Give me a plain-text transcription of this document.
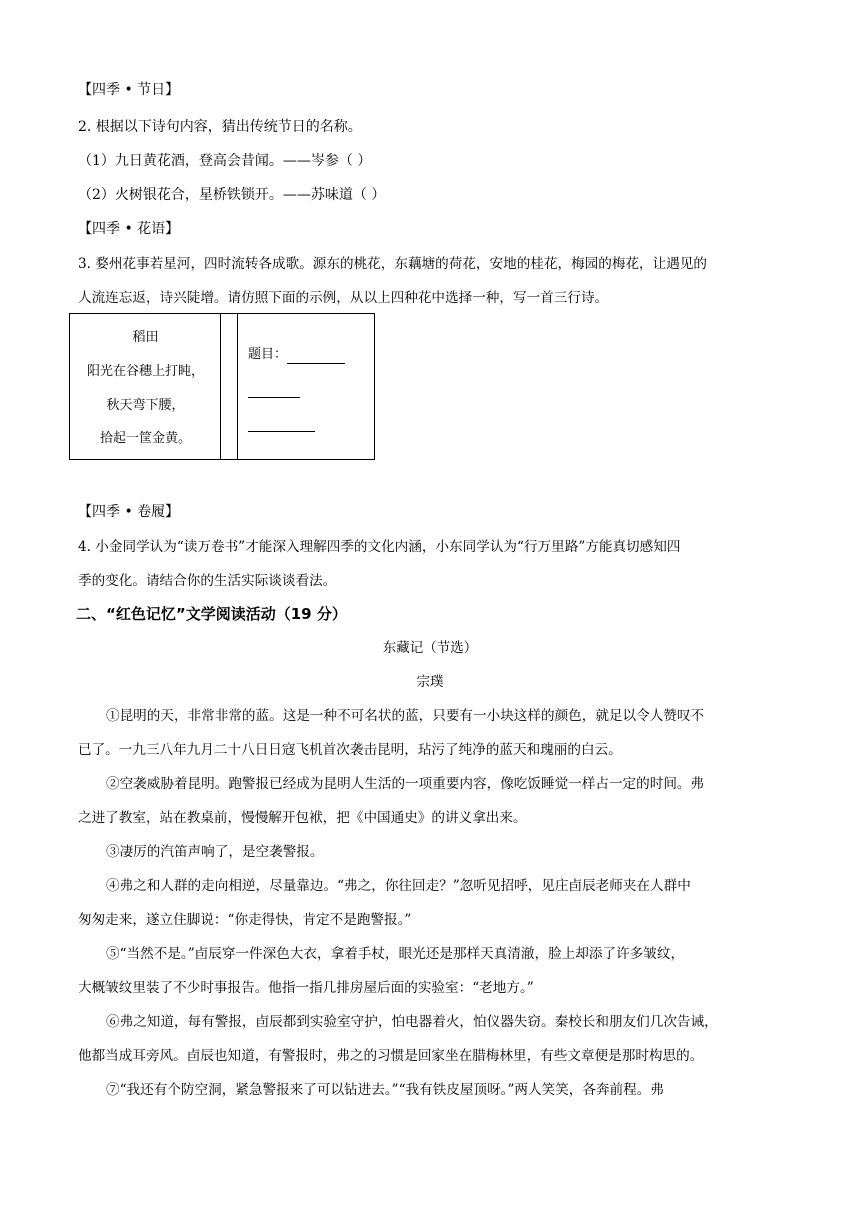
【四季 • 节日】
2. 根据以下诗句内容，猜出传统节日的名称。
（1）九日黄花酒，登高会昔闻。——岑参（ ）
（2）火树银花合，星桥铁锁开。——苏味道（ ）
【四季 • 花语】
3. 婺州花事若星河，四时流转各成歌。源东的桃花，东藕塘的荷花，安地的桂花，梅园的梅花，让遇见的
人流连忘返，诗兴陡增。请仿照下面的示例，从以上四种花中选择一种，写一首三行诗。
稻田
阳光在谷穗上打盹，
秋天弯下腰，
拾起一筐金黄。
题目：
【四季 • 卷履】
4. 小金同学认为“读万卷书”才能深入理解四季的文化内涵，小东同学认为“行万里路”方能真切感知四
季的变化。请结合你的生活实际谈谈看法。
二、“红色记忆”文学阅读活动（19 分）
东藏记（节选）
宗璞
①昆明的天，非常非常的蓝。这是一种不可名状的蓝，只要有一小块这样的颜色，就足以令人赞叹不
已了。一九三八年九月二十八日日寇飞机首次袭击昆明，玷污了纯净的蓝天和瑰丽的白云。
②空袭威胁着昆明。跑警报已经成为昆明人生活的一项重要内容，像吃饭睡觉一样占一定的时间。弗
之进了教室，站在教桌前，慢慢解开包袱，把《中国通史》的讲义拿出来。
③凄厉的汽笛声响了，是空袭警报。
④弗之和人群的走向相逆，尽量靠边。“弗之，你往回走？”忽听见招呼，见庄卣辰老师夹在人群中
匆匆走来，遂立住脚说：“你走得快，肯定不是跑警报。”
⑤“当然不是。”卣辰穿一件深色大衣，拿着手杖，眼光还是那样天真清澈，脸上却添了许多皱纹，
大概皱纹里装了不少时事报告。他指一指几排房屋后面的实验室：“老地方。”
⑥弗之知道，每有警报，卣辰都到实验室守护，怕电器着火，怕仪器失窃。秦校长和朋友们几次告诫，
他都当成耳旁风。卣辰也知道，有警报时，弗之的习惯是回家坐在腊梅林里，有些文章便是那时构思的。
⑦“我还有个防空洞，紧急警报来了可以钻进去。”“我有铁皮屋顶呀。”两人笑笑，各奔前程。弗
